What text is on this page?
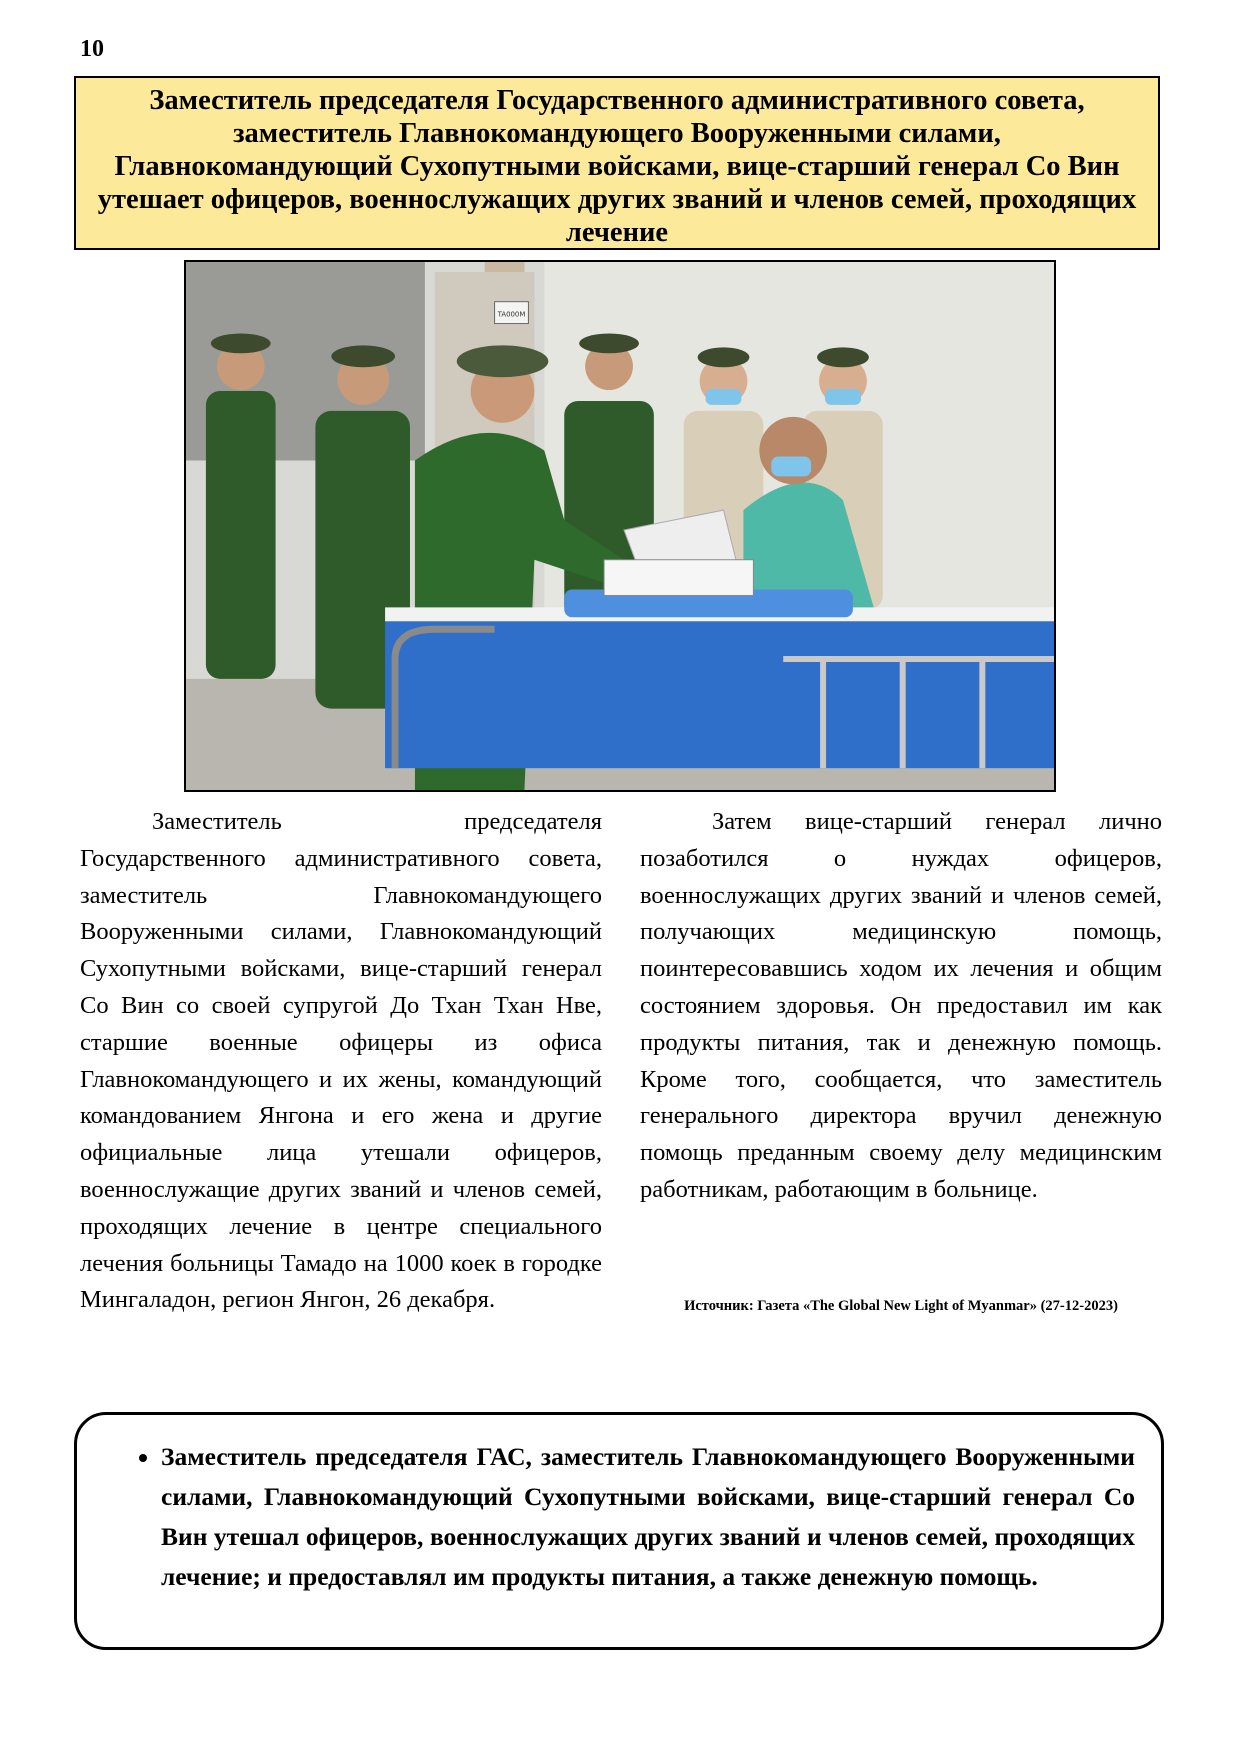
10

Заместитель председателя Государственного административного совета, заместитель Главнокомандующего Вооруженными силами, Главнокомандующий Сухопутными войсками, вице-старший генерал Со Вин утешает офицеров, военнослужащих других званий и членов семей, проходящих лечение

TA000M

Заместитель председателя Государственного административного совета, заместитель Главнокомандующего Вооруженными силами, Главнокомандующий Сухопутными войсками, вице-старший генерал Со Вин со своей супругой До Тхан Тхан Нве, старшие военные офицеры из офиса Главнокомандующего и их жены, командующий командованием Янгона и его жена и другие официальные лица утешали офицеров, военнослужащие других званий и членов семей, проходящих лечение в центре специального лечения больницы Тамадо на 1000 коек в городке Мингаладон, регион Янгон, 26 декабря.

Затем вице-старший генерал лично позаботился о нуждах офицеров, военнослужащих других званий и членов семей, получающих медицинскую помощь, поинтересовавшись ходом их лечения и общим состоянием здоровья. Он предоставил им как продукты питания, так и денежную помощь. Кроме того, сообщается, что заместитель генерального директора вручил денежную помощь преданным своему делу медицинским работникам, работающим в больнице.

Источник: Газета «The Global New Light of Myanmar» (27-12-2023)
• Заместитель председателя ГАС, заместитель Главнокомандующего Вооруженными силами, Главнокомандующий Сухопутными войсками, вице-старший генерал Со Вин утешал офицеров, военнослужащих других званий и членов семей, проходящих лечение; и предоставлял им продукты питания, а также денежную помощь.
